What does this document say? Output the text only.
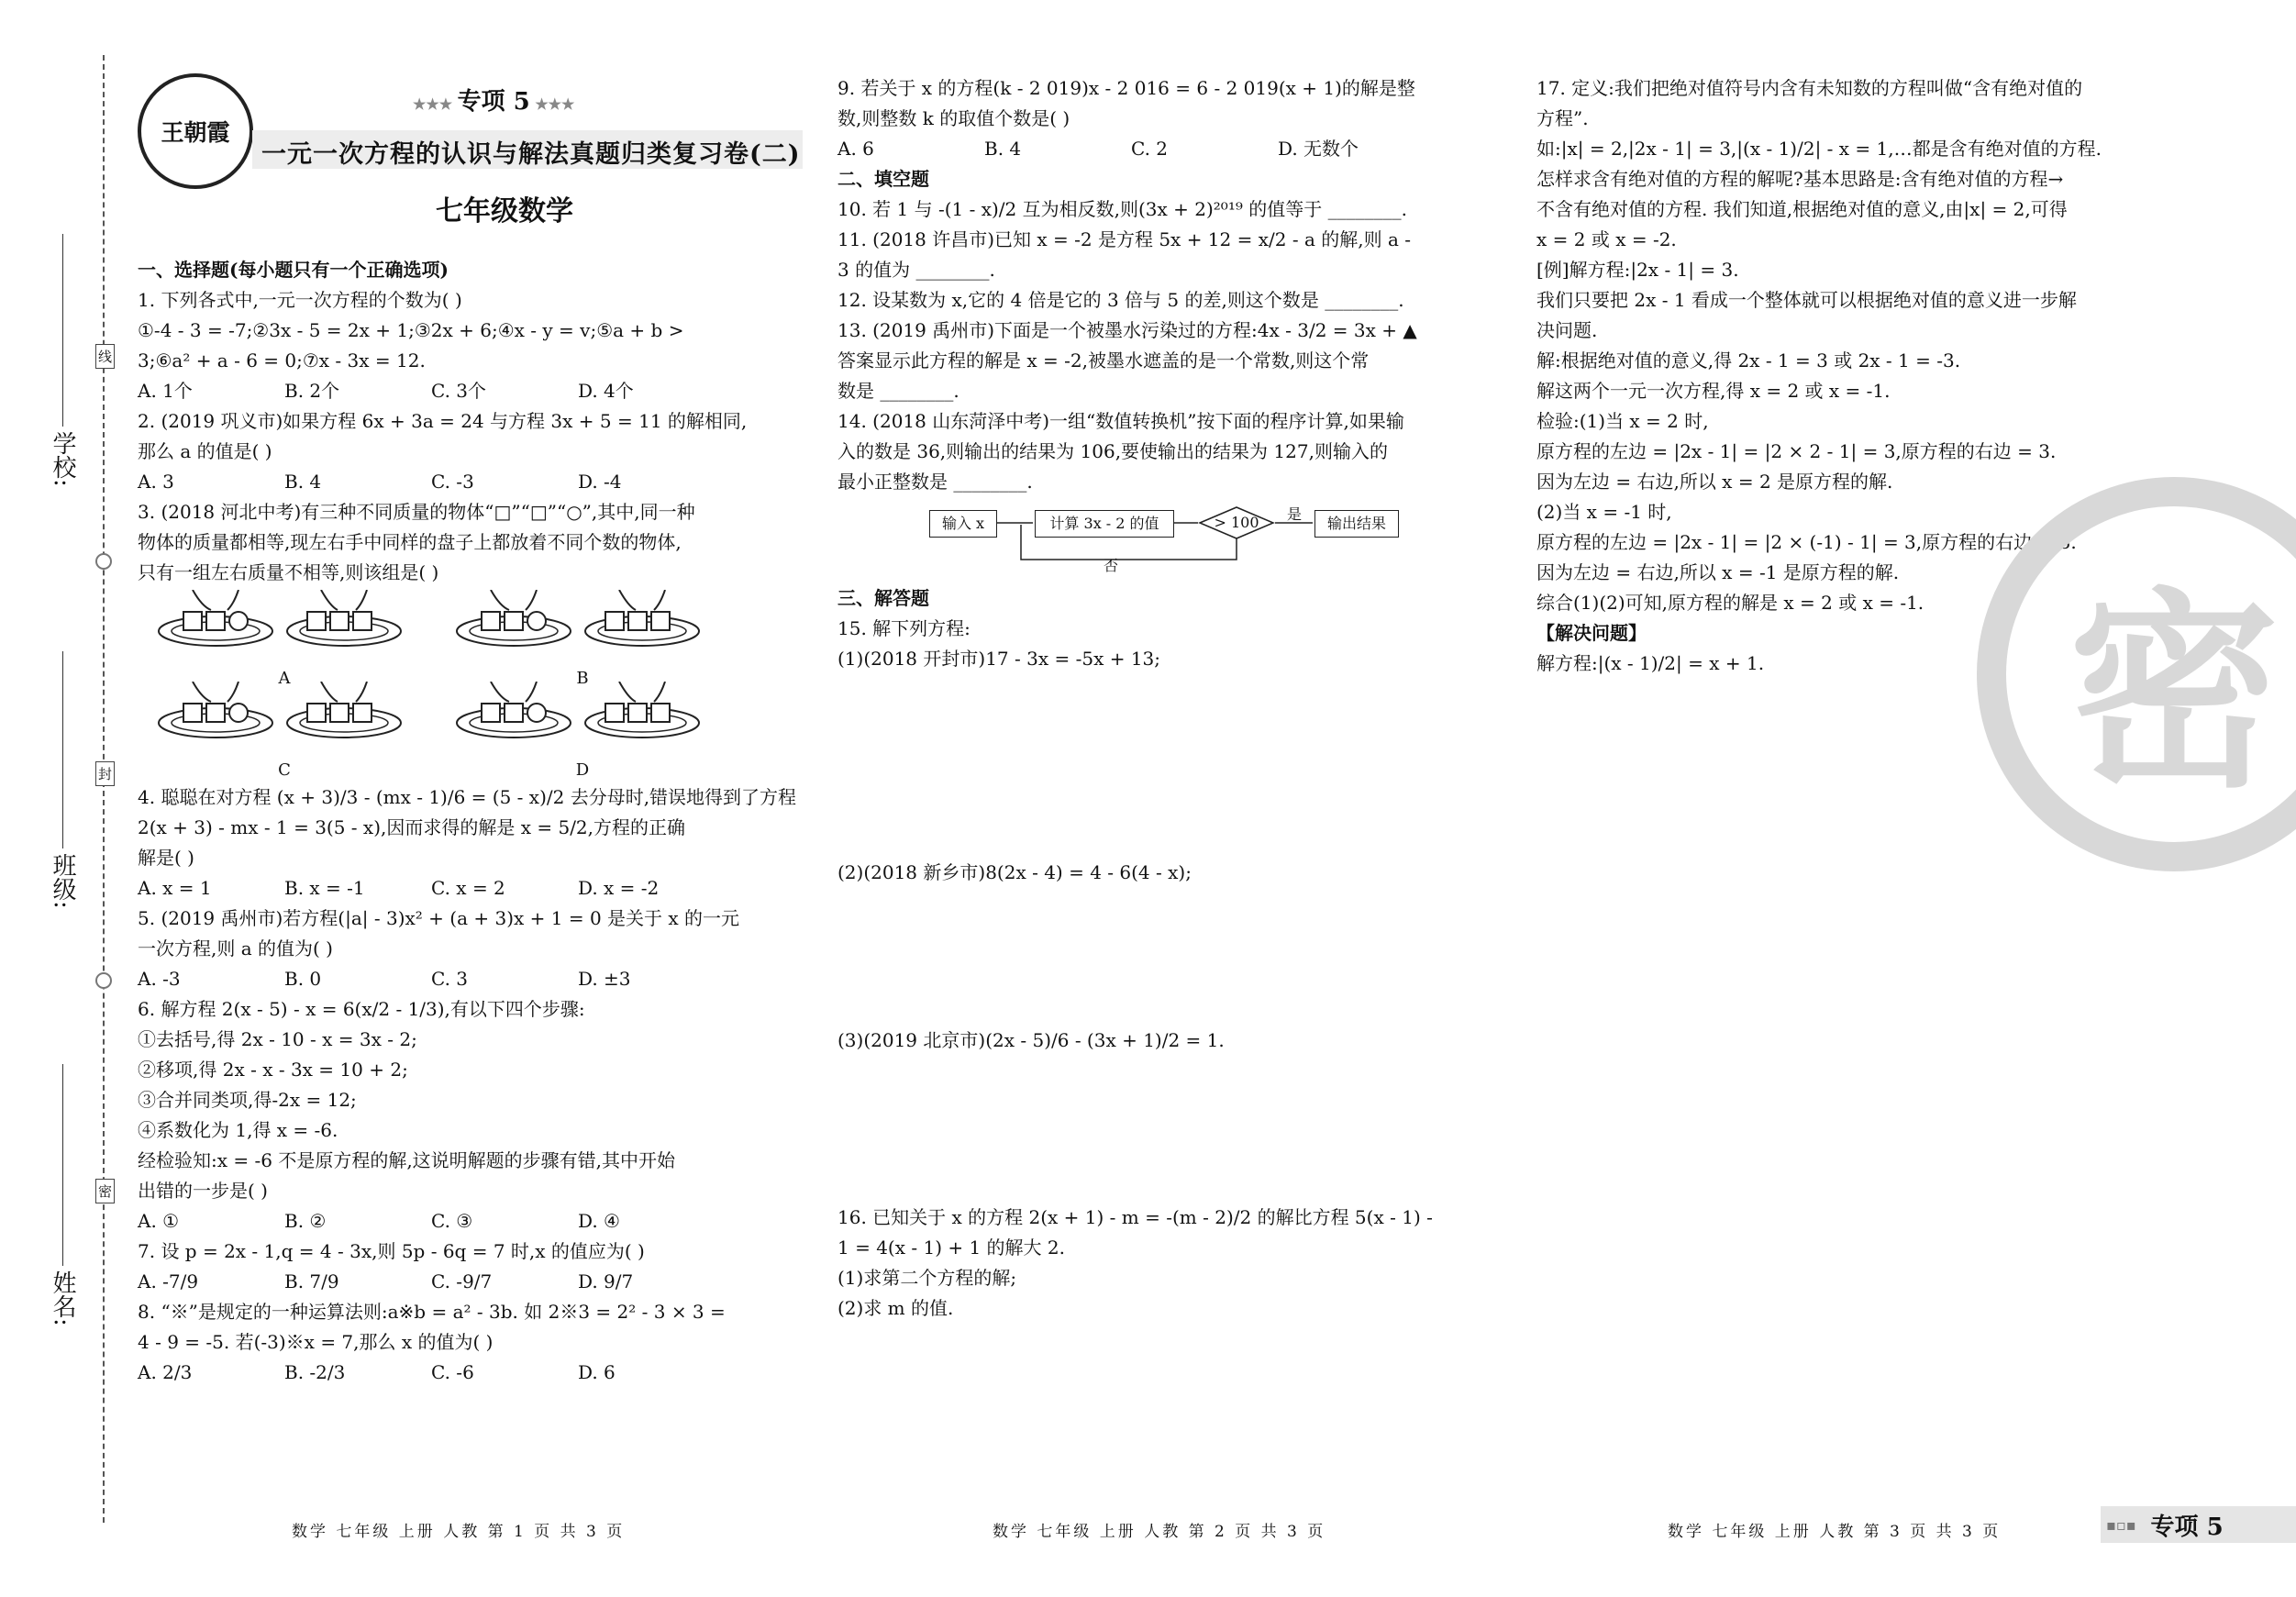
学校:
班级:
姓名:
线
封
密
王朝霞
★★★ 专项 5 ★★★
一元一次方程的认识与解法真题归类复习卷(二)
七年级数学

一、选择题(每小题只有一个正确选项)

1. 下列各式中,一元一次方程的个数为( )

①-4 - 3 = -7;②3x - 5 = 2x + 1;③2x + 6;④x - y = v;⑤a + b >

3;⑥a² + a - 6 = 0;⑦x - 3x = 12.

A. 1个	B. 2个	C. 3个	D. 4个

2. (2019 巩义市)如果方程 6x + 3a = 24 与方程 3x + 5 = 11 的解相同,

那么 a 的值是( )

A. 3	B. 4	C. -3	D. -4

3. (2018 河北中考)有三种不同质量的物体“□”“□”“○”,其中,同一种

物体的质量都相等,现左右手中同样的盘子上都放着不同个数的物体,

只有一组左右质量不相等,则该组是( )

A	B
C	D

4. 聪聪在对方程 (x + 3)/3 - (mx - 1)/6 = (5 - x)/2 去分母时,错误地得到了方程

2(x + 3) - mx - 1 = 3(5 - x),因而求得的解是 x = 5/2,方程的正确

解是( )

A. x = 1	B. x = -1	C. x = 2	D. x = -2

5. (2019 禹州市)若方程(|a| - 3)x² + (a + 3)x + 1 = 0 是关于 x 的一元

一次方程,则 a 的值为( )

A. -3	B. 0	C. 3	D. ±3

6. 解方程 2(x - 5) - x = 6(x/2 - 1/3),有以下四个步骤:

①去括号,得 2x - 10 - x = 3x - 2;

②移项,得 2x - x - 3x = 10 + 2;

③合并同类项,得-2x = 12;

④系数化为 1,得 x = -6.

经检验知:x = -6 不是原方程的解,这说明解题的步骤有错,其中开始

出错的一步是( )

A. ①	B. ②	C. ③	D. ④

7. 设 p = 2x - 1,q = 4 - 3x,则 5p - 6q = 7 时,x 的值应为( )

A. -7/9	B. 7/9	C. -9/7	D. 9/7

8. “※”是规定的一种运算法则:a※b = a² - 3b. 如 2※3 = 2² - 3 × 3 =

4 - 9 = -5. 若(-3)※x = 7,那么 x 的值为( )

A. 2/3	B. -2/3	C. -6	D. 6

9. 若关于 x 的方程(k - 2 019)x - 2 016 = 6 - 2 019(x + 1)的解是整

数,则整数 k 的取值个数是( )

A. 6	B. 4	C. 2	D. 无数个

二、填空题

10. 若 1 与 -(1 - x)/2 互为相反数,则(3x + 2)²⁰¹⁹ 的值等于 ________.

11. (2018 许昌市)已知 x = -2 是方程 5x + 12 = x/2 - a 的解,则 a -

3 的值为 ________.

12. 设某数为 x,它的 4 倍是它的 3 倍与 5 的差,则这个数是 ________.

13. (2019 禹州市)下面是一个被墨水污染过的方程:4x - 3/2 = 3x + ▲

答案显示此方程的解是 x = -2,被墨水遮盖的是一个常数,则这个常

数是 ________.

14. (2018 山东菏泽中考)一组“数值转换机”按下面的程序计算,如果输

入的数是 36,则输出的结果为 106,要使输出的结果为 127,则输入的

最小正整数是 ________.

输入 x	计算 3x - 2 的值	> 100	输出结果
是
否

三、解答题

15. 解下列方程:

(1)(2018 开封市)17 - 3x = -5x + 13;

(2)(2018 新乡市)8(2x - 4) = 4 - 6(4 - x);

(3)(2019 北京市)(2x - 5)/6 - (3x + 1)/2 = 1.

16. 已知关于 x 的方程 2(x + 1) - m = -(m - 2)/2 的解比方程 5(x - 1) -

1 = 4(x - 1) + 1 的解大 2.

(1)求第二个方程的解;

(2)求 m 的值.

17. 定义:我们把绝对值符号内含有未知数的方程叫做“含有绝对值的

方程”.

如:|x| = 2,|2x - 1| = 3,|(x - 1)/2| - x = 1,…都是含有绝对值的方程.

怎样求含有绝对值的方程的解呢?基本思路是:含有绝对值的方程→

不含有绝对值的方程. 我们知道,根据绝对值的意义,由|x| = 2,可得

x = 2 或 x = -2.

[例]解方程:|2x - 1| = 3.

我们只要把 2x - 1 看成一个整体就可以根据绝对值的意义进一步解

决问题.

解:根据绝对值的意义,得 2x - 1 = 3 或 2x - 1 = -3.

解这两个一元一次方程,得 x = 2 或 x = -1.

检验:(1)当 x = 2 时,

原方程的左边 = |2x - 1| = |2 × 2 - 1| = 3,原方程的右边 = 3.

因为左边 = 右边,所以 x = 2 是原方程的解.

(2)当 x = -1 时,

原方程的左边 = |2x - 1| = |2 × (-1) - 1| = 3,原方程的右边 = 3.

因为左边 = 右边,所以 x = -1 是原方程的解.

综合(1)(2)可知,原方程的解是 x = 2 或 x = -1.

【解决问题】

解方程:|(x - 1)/2| = x + 1.	密
数学 七年级 上册 人教 第 1 页 共 3 页	数学 七年级 上册 人教 第 2 页 共 3 页	数学 七年级 上册 人教 第 3 页 共 3 页	▪▫▪ 专项 5
